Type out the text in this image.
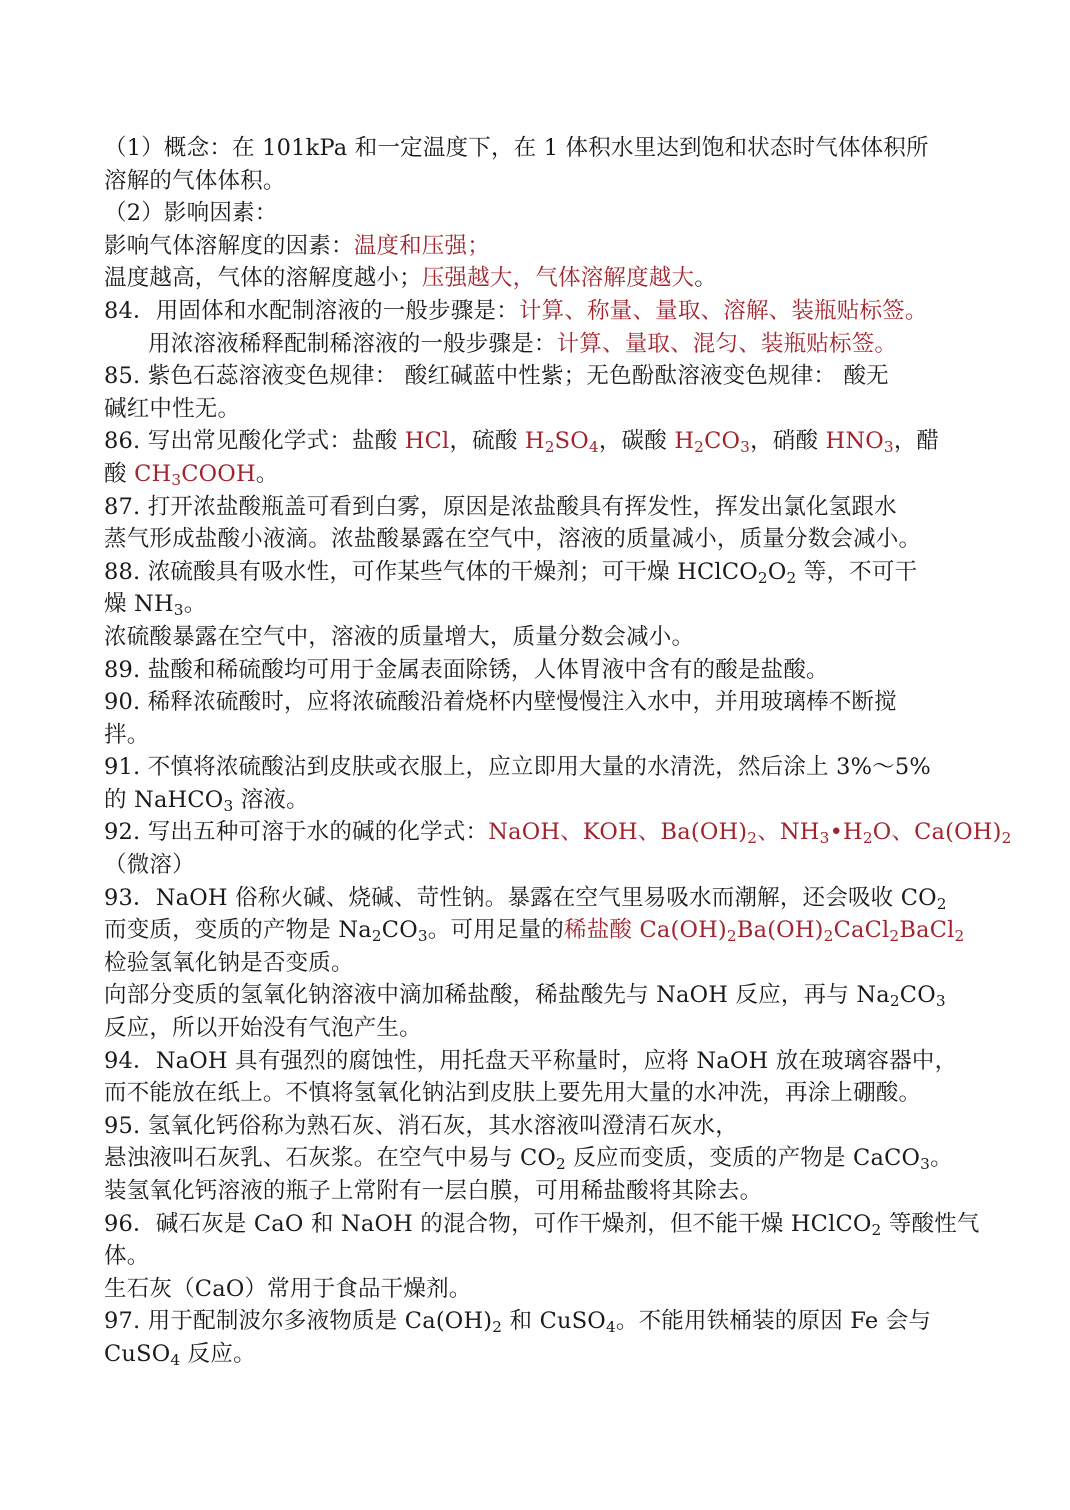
（1）概念：在 101kPa 和一定温度下，在 1 体积水里达到饱和状态时气体体积所
溶解的气体体积。
（2）影响因素：
影响气体溶解度的因素：温度和压强；
温度越高，气体的溶解度越小；压强越大，气体溶解度越大。
84．用固体和水配制溶液的一般步骤是：计算、称量、量取、溶解、装瓶贴标签。
用浓溶液稀释配制稀溶液的一般步骤是：计算、量取、混匀、装瓶贴标签。
85. 紫色石蕊溶液变色规律： 酸红碱蓝中性紫；无色酚酞溶液变色规律： 酸无
碱红中性无。
86. 写出常见酸化学式：盐酸 HCl，硫酸 $H_2SO_4$，碳酸 $H_2CO_3$，硝酸 $HNO_3$，醋
酸 $CH_3COOH$。
87. 打开浓盐酸瓶盖可看到白雾，原因是浓盐酸具有挥发性，挥发出氯化氢跟水
蒸气形成盐酸小液滴。浓盐酸暴露在空气中，溶液的质量减小，质量分数会减小。
88. 浓硫酸具有吸水性，可作某些气体的干燥剂；可干燥 $HClCO_2O_2$ 等，不可干
燥 $NH_3$。
浓硫酸暴露在空气中，溶液的质量增大，质量分数会减小。
89. 盐酸和稀硫酸均可用于金属表面除锈，人体胃液中含有的酸是盐酸。
90. 稀释浓硫酸时，应将浓硫酸沿着烧杯内壁慢慢注入水中，并用玻璃棒不断搅
拌。
91. 不慎将浓硫酸沾到皮肤或衣服上，应立即用大量的水清洗，然后涂上 3%～5%
的 NaHCO$_3$ 溶液。
92. 写出五种可溶于水的碱的化学式：NaOH、KOH、$Ba(OH)_2$、$NH_3•H_2O$、$Ca(OH)_2$
（微溶）
93．NaOH 俗称火碱、烧碱、苛性钠。暴露在空气里易吸水而潮解，还会吸收 $CO_2$
而变质，变质的产物是 $Na_2CO_3$。可用足量的稀盐酸 $Ca(OH)_2Ba(OH)_2CaCl_2BaCl_2$
检验氢氧化钠是否变质。
向部分变质的氢氧化钠溶液中滴加稀盐酸，稀盐酸先与 NaOH 反应，再与 $Na_2CO_3$
反应，所以开始没有气泡产生。
94．NaOH 具有强烈的腐蚀性，用托盘天平称量时，应将 NaOH 放在玻璃容器中，
而不能放在纸上。不慎将氢氧化钠沾到皮肤上要先用大量的水冲洗，再涂上硼酸。
95. 氢氧化钙俗称为熟石灰、消石灰，其水溶液叫澄清石灰水，
悬浊液叫石灰乳、石灰浆。在空气中易与 $CO_2$ 反应而变质，变质的产物是 CaCO$_3$。
装氢氧化钙溶液的瓶子上常附有一层白膜，可用稀盐酸将其除去。
96．碱石灰是 CaO 和 NaOH 的混合物，可作干燥剂，但不能干燥 HClCO$_2$ 等酸性气
体。
生石灰（CaO）常用于食品干燥剂。
97. 用于配制波尔多液物质是 $Ca(OH)_2$ 和 CuSO$_4$。不能用铁桶装的原因 Fe 会与
CuSO$_4$ 反应。
